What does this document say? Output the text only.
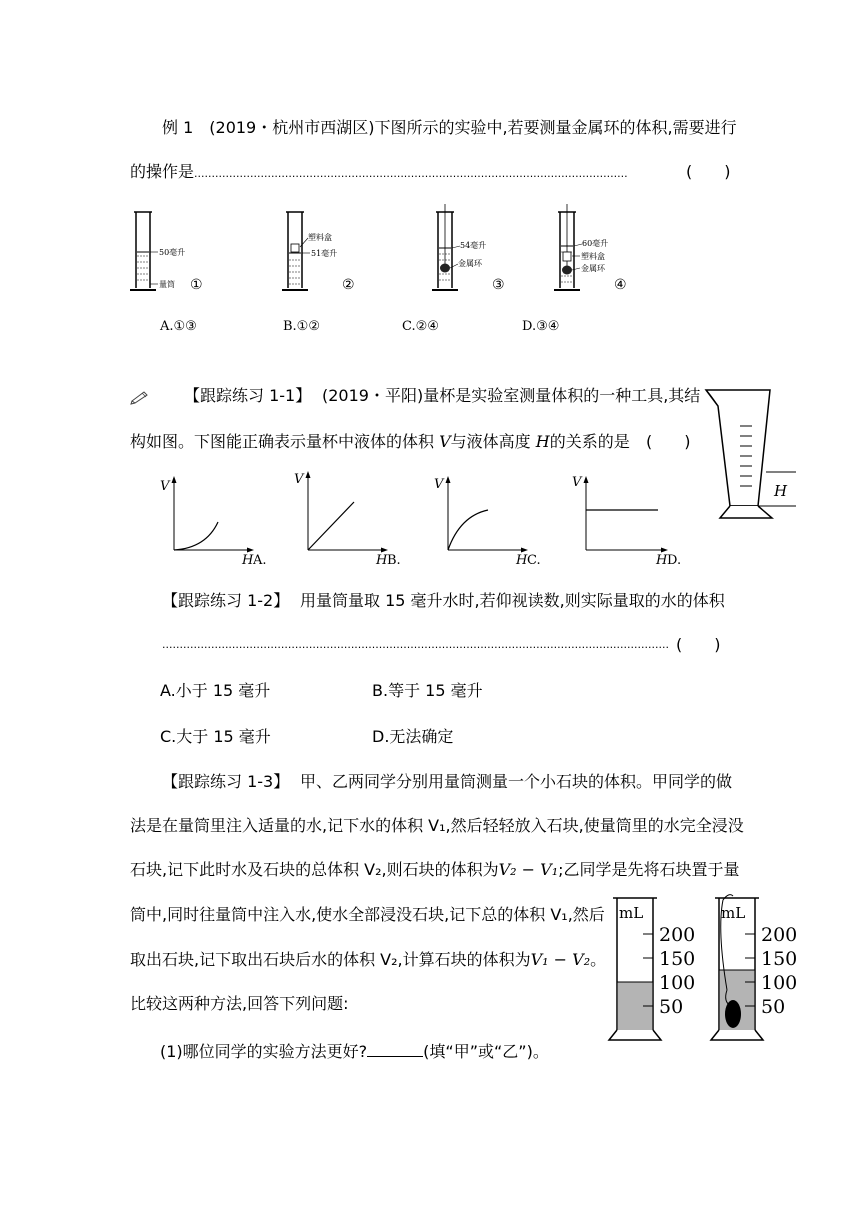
例 1　(2019・杭州市西湖区)下图所示的实验中,若要测量金属环的体积,需要进行
的操作是............................................................................................................................	(　　)
50毫升
量筒 ①
塑料盒
51毫升
②
54毫升
金属环
③
60毫升
塑料盒
金属环
④
A.①③	B.①②	C.②④	D.③④
【跟踪练习 1-1】 (2019・平阳)量杯是实验室测量体积的一种工具,其结
构如图。下图能正确表示量杯中液体的体积 V与液体高度 H的关系的是 (　　)
H
V
H A.
V
H B.
V
H C.
V
H D.
【跟踪练习 1-2】 用量筒量取 15 毫升水时,若仰视读数,则实际量取的水的体积
................................................................................................................................................. (　　)
A.小于 15 毫升	B.等于 15 毫升
C.大于 15 毫升	D.无法确定
【跟踪练习 1-3】 甲、乙两同学分别用量筒测量一个小石块的体积。甲同学的做
法是在量筒里注入适量的水,记下水的体积 V₁,然后轻轻放入石块,使量筒里的水完全浸没
石块,记下此时水及石块的总体积 V₂,则石块的体积为V₂ − V₁;乙同学是先将石块置于量
筒中,同时往量筒中注入水,使水全部浸没石块,记下总的体积 V₁,然后
取出石块,记下取出石块后水的体积 V₂,计算石块的体积为V₁ − V₂。
比较这两种方法,回答下列问题:
(1)哪位同学的实验方法更好?	(填“甲”或“乙”)。
mL
200
150
100
50
mL
200
150
100
50
